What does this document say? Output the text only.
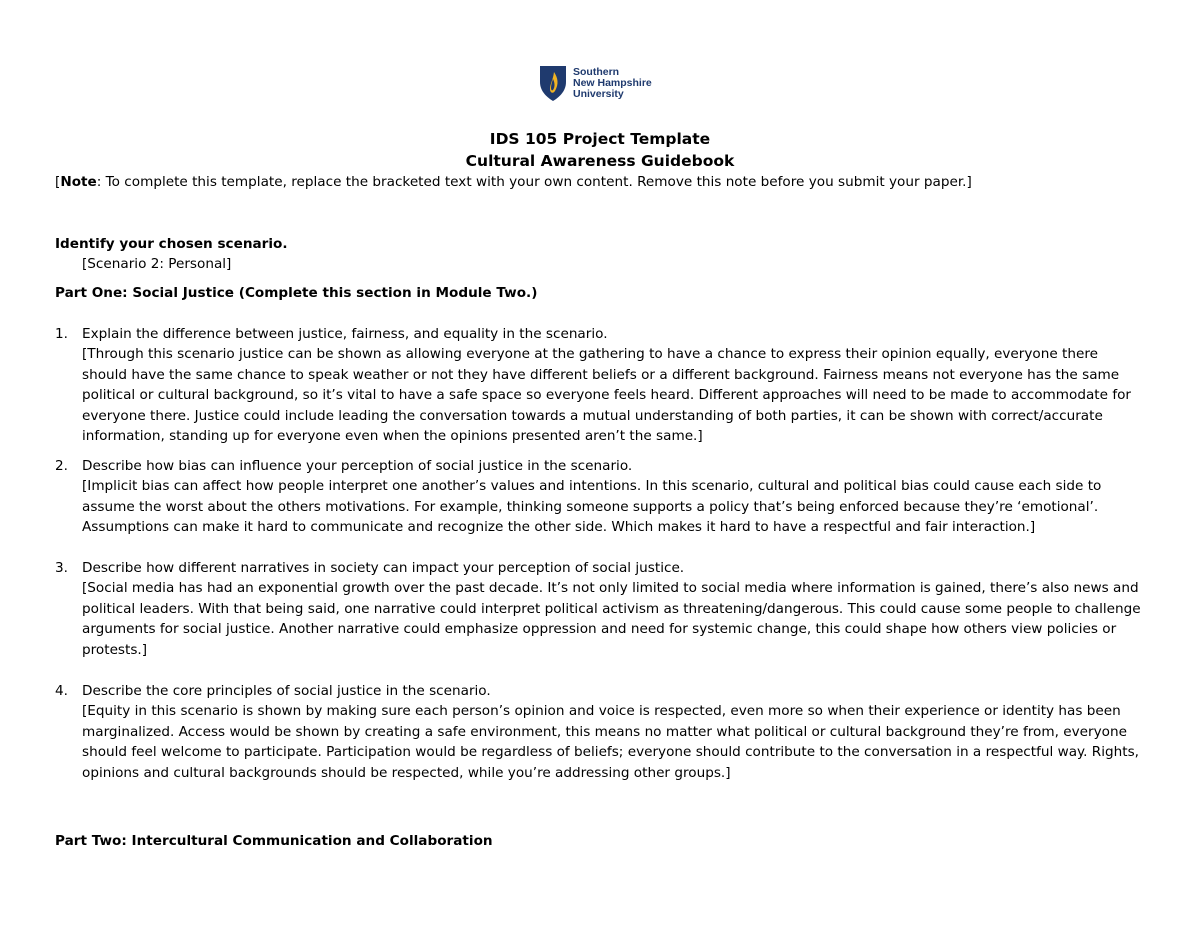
Southern
New Hampshire
University
IDS 105 Project Template
Cultural Awareness Guidebook
[Note: To complete this template, replace the bracketed text with your own content. Remove this note before you submit your paper.]
Identify your chosen scenario.
[Scenario 2: Personal]
Part One: Social Justice (Complete this section in Module Two.)
1.	Explain the difference between justice, fairness, and equality in the scenario.

[Through this scenario justice can be shown as allowing everyone at the gathering to have a chance to express their opinion equally, everyone there should have the same chance to speak weather or not they have different beliefs or a different background. Fairness means not everyone has the same political or cultural background, so it’s vital to have a safe space so everyone feels heard. Different approaches will need to be made to accommodate for everyone there. Justice could include leading the conversation towards a mutual understanding of both parties, it can be shown with correct/accurate information, standing up for everyone even when the opinions presented aren’t the same.]

2.	Describe how bias can influence your perception of social justice in the scenario.

[Implicit bias can affect how people interpret one another’s values and intentions. In this scenario, cultural and political bias could cause each side to assume the worst about the others motivations. For example, thinking someone supports a policy that’s being enforced because they’re ‘emotional’. Assumptions can make it hard to communicate and recognize the other side. Which makes it hard to have a respectful and fair interaction.]

3.	Describe how different narratives in society can impact your perception of social justice.

[Social media has had an exponential growth over the past decade. It’s not only limited to social media where information is gained, there’s also news and political leaders. With that being said, one narrative could interpret political activism as threatening/dangerous. This could cause some people to challenge arguments for social justice. Another narrative could emphasize oppression and need for systemic change, this could shape how others view policies or protests.]

4.	Describe the core principles of social justice in the scenario.

[Equity in this scenario is shown by making sure each person’s opinion and voice is respected, even more so when their experience or identity has been marginalized. Access would be shown by creating a safe environment, this means no matter what political or cultural background they’re from, everyone should feel welcome to participate. Participation would be regardless of beliefs; everyone should contribute to the conversation in a respectful way. Rights, opinions and cultural backgrounds should be respected, while you’re addressing other groups.]

Part Two: Intercultural Communication and Collaboration
